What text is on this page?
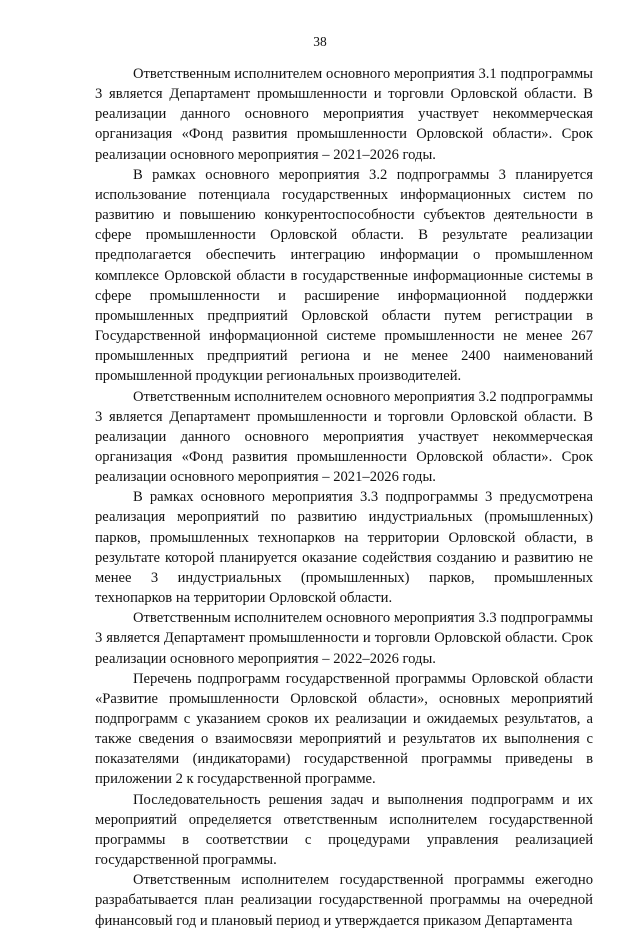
38

Ответственным исполнителем основного мероприятия 3.1 подпрограммы 3 является Департамент промышленности и торговли Орловской области. В реализации данного основного мероприятия участвует некоммерческая организация «Фонд развития промышленности Орловской области». Срок реализации основного мероприятия – 2021–2026 годы.

В рамках основного мероприятия 3.2 подпрограммы 3 планируется использование потенциала государственных информационных систем по развитию и повышению конкурентоспособности субъектов деятельности в сфере промышленности Орловской области. В результате реализации предполагается обеспечить интеграцию информации о промышленном комплексе Орловской области в государственные информационные системы в сфере промышленности и расширение информационной поддержки промышленных предприятий Орловской области путем регистрации в Государственной информационной системе промышленности не менее 267 промышленных предприятий региона и не менее 2400 наименований промышленной продукции региональных производителей.

Ответственным исполнителем основного мероприятия 3.2 подпрограммы 3 является Департамент промышленности и торговли Орловской области. В реализации данного основного мероприятия участвует некоммерческая организация «Фонд развития промышленности Орловской области». Срок реализации основного мероприятия – 2021–2026 годы.

В рамках основного мероприятия 3.3 подпрограммы 3 предусмотрена реализация мероприятий по развитию индустриальных (промышленных) парков, промышленных технопарков на территории Орловской области, в результате которой планируется оказание содействия созданию и развитию не менее 3 индустриальных (промышленных) парков, промышленных технопарков на территории Орловской области.

Ответственным исполнителем основного мероприятия 3.3 подпрограммы 3 является Департамент промышленности и торговли Орловской области. Срок реализации основного мероприятия – 2022–2026 годы.

Перечень подпрограмм государственной программы Орловской области «Развитие промышленности Орловской области», основных мероприятий подпрограмм с указанием сроков их реализации и ожидаемых результатов, а также сведения о взаимосвязи мероприятий и результатов их выполнения с показателями (индикаторами) государственной программы приведены в приложении 2 к государственной программе.

Последовательность решения задач и выполнения подпрограмм и их мероприятий определяется ответственным исполнителем государственной программы в соответствии с процедурами управления реализацией государственной программы.

Ответственным исполнителем государственной программы ежегодно разрабатывается план реализации государственной программы на очередной финансовый год и плановый период и утверждается приказом Департамента
